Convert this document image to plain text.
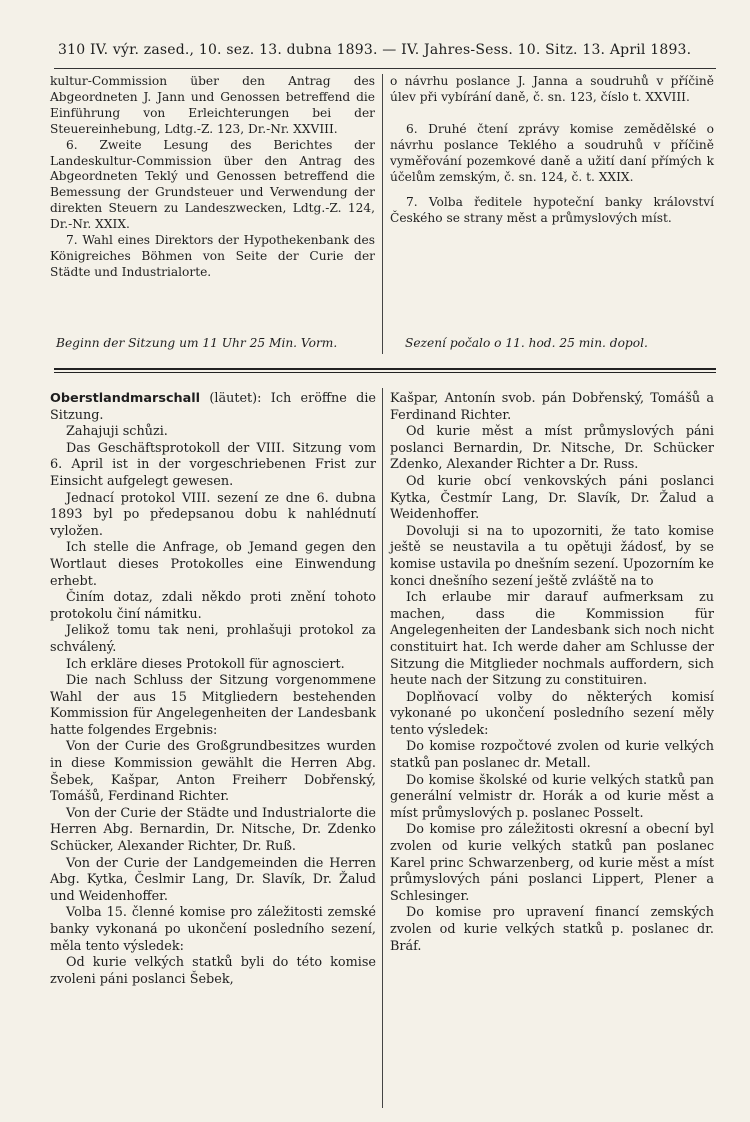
310 IV. výr. zased., 10. sez. 13. dubna 1893. — IV. Jahres-Sess. 10. Sitz. 13. April 1893.

kultur-Commission über den Antrag des Abgeordneten J. Jann und Genossen betreffend die Einführung von Erleichterungen bei der Steuereinhebung, Ldtg.-Z. 123, Dr.-Nr. XXVIII.

6. Zweite Lesung des Berichtes der Landeskultur-Commission über den Antrag des Abgeordneten Teklý und Genossen betreffend die Bemessung der Grundsteuer und Verwendung der direkten Steuern zu Landeszwecken, Ldtg.-Z. 124, Dr.-Nr. XXIX.

7. Wahl eines Direktors der Hypothekenbank des Königreiches Böhmen von Seite der Curie der Städte und Industrialorte.

o návrhu poslance J. Janna a soudruhů v příčině úlev při vybírání daně, č. sn. 123, číslo t. XXVIII.

6. Druhé čtení zprávy komise zemědělské o návrhu poslance Teklého a soudruhů v příčině vyměřování pozemkové daně a užití daní přímých k účelům zemským, č. sn. 124, č. t. XXIX.

7. Volba ředitele hypoteční banky království Českého se strany měst a průmyslových míst.

Beginn der Sitzung um 11 Uhr 25 Min. Vorm.	Sezení počalo o 11. hod. 25 min. dopol.

Oberstlandmarschall (läutet): Ich eröffne die Sitzung.

Zahajuji schůzi.

Das Geschäftsprotokoll der VIII. Sitzung vom 6. April ist in der vorgeschriebenen Frist zur Einsicht aufgelegt gewesen.

Jednací protokol VIII. sezení ze dne 6. dubna 1893 byl po předepsanou dobu k nahlédnutí vyložen.

Ich stelle die Anfrage, ob Jemand gegen den Wortlaut dieses Protokolles eine Einwendung erhebt.

Činím dotaz, zdali někdo proti znění tohoto protokolu činí námitku.

Jelikož tomu tak neni, prohlašuji protokol za schválený.

Ich erkläre dieses Protokoll für agnosciert.

Die nach Schluss der Sitzung vorgenommene Wahl der aus 15 Mitgliedern bestehenden Kommission für Angelegenheiten der Landesbank hatte folgendes Ergebnis:

Von der Curie des Großgrundbesitzes wurden in diese Kommission gewählt die Herren Abg. Šebek, Kašpar, Anton Freiherr Dobřenský, Tomášů, Ferdinand Richter.

Von der Curie der Städte und Industrialorte die Herren Abg. Bernardin, Dr. Nitsche, Dr. Zdenko Schücker, Alexander Richter, Dr. Ruß.

Von der Curie der Landgemeinden die Herren Abg. Kytka, Česlmir Lang, Dr. Slavík, Dr. Žalud und Weidenhoffer.

Volba 15. členné komise pro záležitosti zemské banky vykonaná po ukončení posledního sezení, měla tento výsledek:

Od kurie velkých statků byli do této komise zvoleni páni poslanci Šebek,

Kašpar, Antonín svob. pán Dobřenský, Tomášů a Ferdinand Richter.

Od kurie měst a míst průmyslových páni poslanci Bernardin, Dr. Nitsche, Dr. Schücker Zdenko, Alexander Richter a Dr. Russ.

Od kurie obcí venkovských páni poslanci Kytka, Čestmír Lang, Dr. Slavík, Dr. Žalud a Weidenhoffer.

Dovoluji si na to upozorniti, že tato komise ještě se neustavila a tu opětuji žádosť, by se komise ustavila po dnešním sezení. Upozorním ke konci dnešního sezení ještě zvláště na to

Ich erlaube mir darauf aufmerksam zu machen, dass die Kommission für Angelegenheiten der Landesbank sich noch nicht constituirt hat. Ich werde daher am Schlusse der Sitzung die Mitglieder nochmals auffordern, sich heute nach der Sitzung zu constituiren.

Doplňovací volby do některých komisí vykonané po ukončení posledního sezení měly tento výsledek:

Do komise rozpočtové zvolen od kurie velkých statků pan poslanec dr. Metall.

Do komise školské od kurie velkých statků pan generální velmistr dr. Horák a od kurie měst a míst průmyslových p. poslanec Posselt.

Do komise pro záležitosti okresní a obecní byl zvolen od kurie velkých statků pan poslanec Karel princ Schwarzenberg, od kurie měst a míst průmyslových páni poslanci Lippert, Plener a Schlesinger.

Do komise pro upravení financí zemských zvolen od kurie velkých statků p. poslanec dr. Bráf.
